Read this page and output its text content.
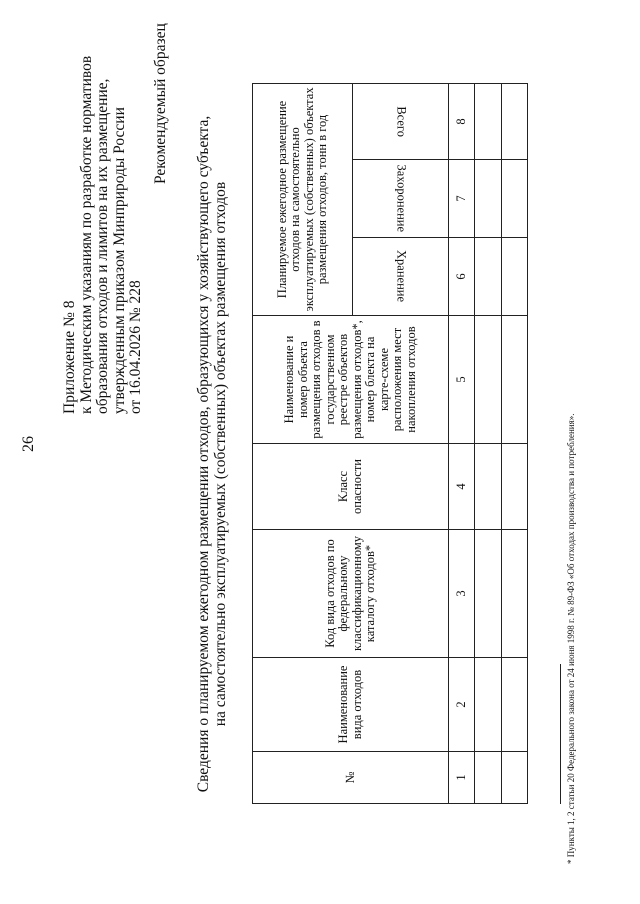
26
Приложение № 8 к Методическим указаниям по разработке нормативов образования отходов и лимитов на их размещение, утвержденным приказом Минприроды России от 16.04.2026 № 228
Рекомендуемый образец
Сведения о планируемом ежегодном размещении отходов, образующихся у хозяйствующего субъекта, на самостоятельно эксплуатируемых (собственных) объектах размещения отходов
№	Наименование вида отходов	Код вида отходов по федеральному классификационному каталогу отходов*	Класс опасности	Наименование и номер объекта размещения отходов в государственном реестре объектов размещения отходов*, номер блекта на карте-схеме расположения мест накопления отходов	Планируемое ежегодное размещение отходов на самостоятельно эксплуатируемых (собственных) объектах размещения отходов, тонн в год		
					Хранение	Захоронение	Всего
1	2	3	4	5	6	7	8

* Пункты 1, 2 статьи 20 Федерального закона от 24 июня 1998 г. № 89-ФЗ «Об отходах производства и потребления».
